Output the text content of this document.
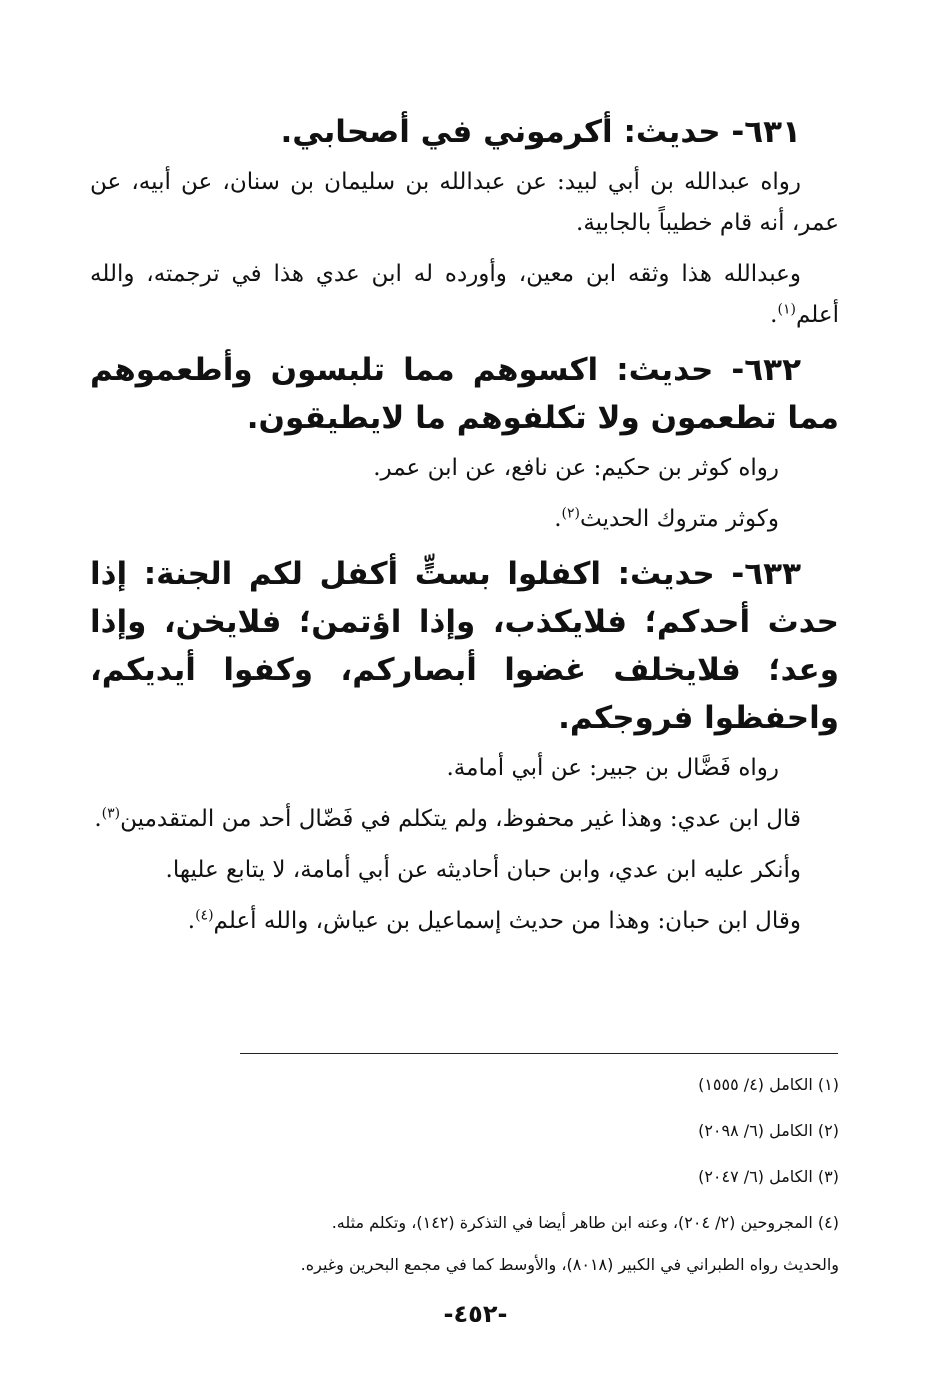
٦٣١- حديث: أكرموني في أصحابي.

رواه عبدالله بن أبي لبيد: عن عبدالله بن سليمان بن سنان، عن أبيه، عن عمر، أنه قام خطيباً بالجابية.

وعبدالله هذا وثقه ابن معين، وأورده له ابن عدي هذا في ترجمته، والله أعلم$^{(١)}$.

٦٣٢- حديث: اكسوهم مما تلبسون وأطعموهم مما تطعمون ولا تكلفوهم ما لايطيقون.

رواه كوثر بن حكيم: عن نافع، عن ابن عمر.

وكوثر متروك الحديث$^{(٢)}$.

٦٣٣- حديث: اكفلوا بستٍّ أكفل لكم الجنة: إذا حدث أحدكم؛ فلايكذب، وإذا اؤتمن؛ فلايخن، وإذا وعد؛ فلايخلف غضوا أبصاركم، وكفوا أيديكم، واحفظوا فروجكم.

رواه فَضَّال بن جبير: عن أبي أمامة.

قال ابن عدي: وهذا غير محفوظ، ولم يتكلم في فَضّال أحد من المتقدمين$^{(٣)}$.

وأنكر عليه ابن عدي، وابن حبان أحاديثه عن أبي أمامة، لا يتابع عليها.

وقال ابن حبان: وهذا من حديث إسماعيل بن عياش، والله أعلم$^{(٤)}$.

(١) الكامل (٤/ ١٥٥٥)

(٢) الكامل (٦/ ٢٠٩٨)

(٣) الكامل (٦/ ٢٠٤٧)

(٤) المجروحين (٢/ ٢٠٤)، وعنه ابن طاهر أيضا في التذكرة (١٤٢)، وتكلم مثله.

والحديث رواه الطبراني في الكبير (٨٠١٨)، والأوسط كما في مجمع البحرين وغيره.

-٤٥٢-
